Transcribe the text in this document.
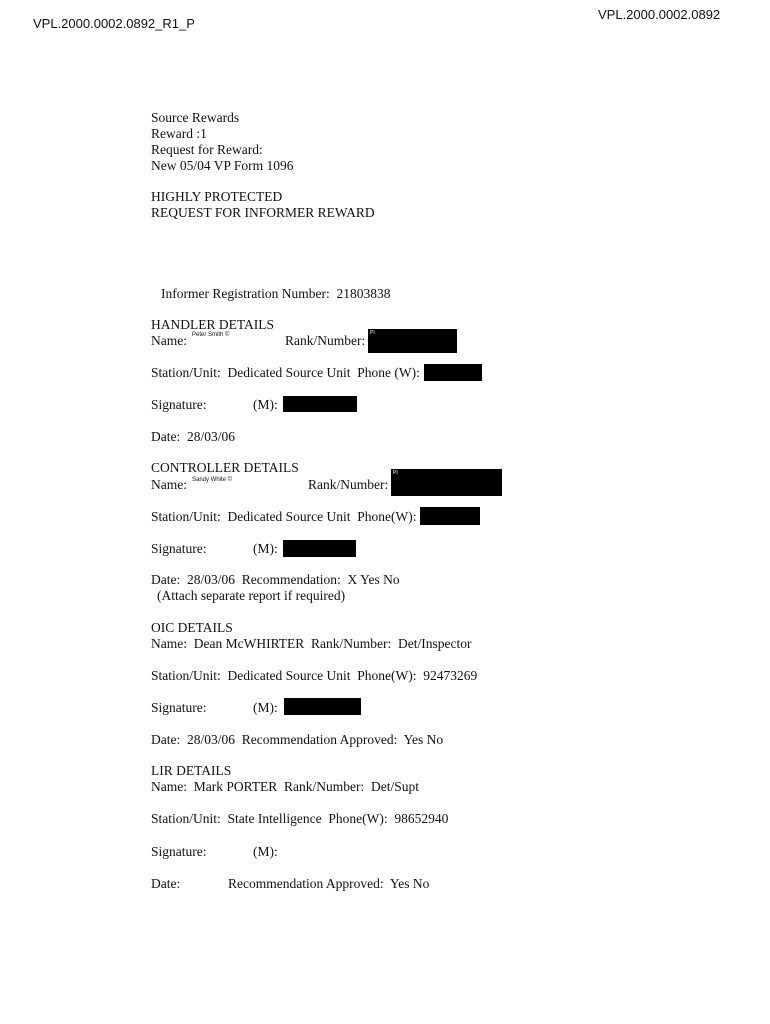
VPL.2000.0002.0892_R1_P
VPL.2000.0002.0892
Source Rewards
Reward :1
Request for Reward:
New 05/04 VP Form 1096
HIGHLY PROTECTED
REQUEST FOR INFORMER REWARD
Informer Registration Number:  21803838
HANDLER DETAILS
Name: Peter Smith ©	Rank/Number: PI
Station/Unit:  Dedicated Source Unit  Phone (W):
Signature:	(M):
Date:  28/03/06
CONTROLLER DETAILS
Name: Sandy White ©	Rank/Number:
PI
Station/Unit:  Dedicated Source Unit  Phone(W):
Signature:	(M):
Date:  28/03/06  Recommendation:  X Yes No
(Attach separate report if required)
OIC DETAILS
Name:  Dean McWHIRTER  Rank/Number:  Det/Inspector
Station/Unit:  Dedicated Source Unit  Phone(W):  92473269
Signature:	(M):
Date:  28/03/06  Recommendation Approved:  Yes No
LIR DETAILS
Name:  Mark PORTER  Rank/Number:  Det/Supt
Station/Unit:  State Intelligence  Phone(W):  98652940
Signature:	(M):
Date:	Recommendation Approved:  Yes No
